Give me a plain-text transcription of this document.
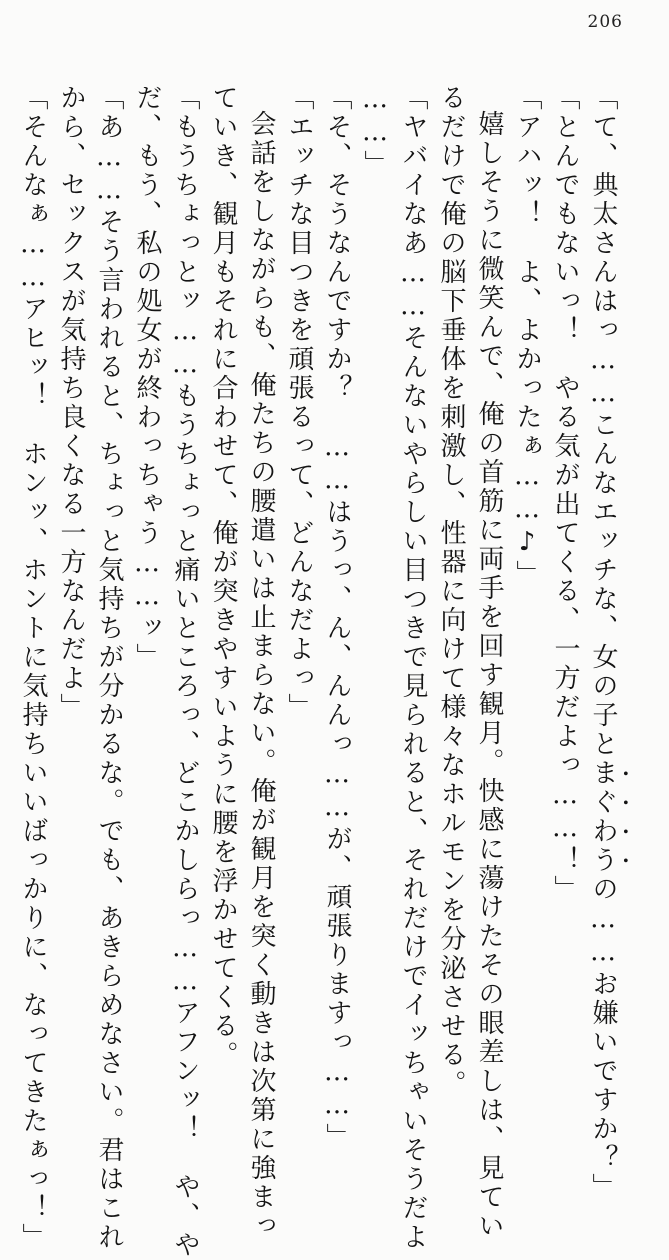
206
「て、典太さんはっ……こんなエッチな、女の子とまぐわうの……お嫌いですか？」
「とんでもないっ！　やる気が出てくる、一方だよっ……！」
「アハッ！　よ、よかったぁ……♪」
嬉しそうに微笑んで、俺の首筋に両手を回す観月。快感に蕩けたその眼差しは、見てい
るだけで俺の脳下垂体を刺激し、性器に向けて様々なホルモンを分泌させる。
「ヤバイなあ……そんないやらしい目つきで見られると、それだけでイッちゃいそうだよ
……」
「そ、そうなんですか？　……はうっ、ん、んんっ……が、頑張りますっ……」
「エッチな目つきを頑張るって、どんなだよっ」
会話をしながらも、俺たちの腰遣いは止まらない。俺が観月を突く動きは次第に強まっ
ていき、観月もそれに合わせて、俺が突きやすいように腰を浮かせてくる。
「もうちょっとッ……もうちょっと痛いところっ、どこかしらっ……アフンッ！　や、や
だ、もう、私の処女が終わっちゃう……ッ」
「あ……そう言われると、ちょっと気持ちが分かるな。でも、あきらめなさい。君はこれ
から、セックスが気持ち良くなる一方なんだよ」
「そんなぁ……アヒッ！　ホンッ、ホントに気持ちいいばっかりに、なってきたぁっ！」
